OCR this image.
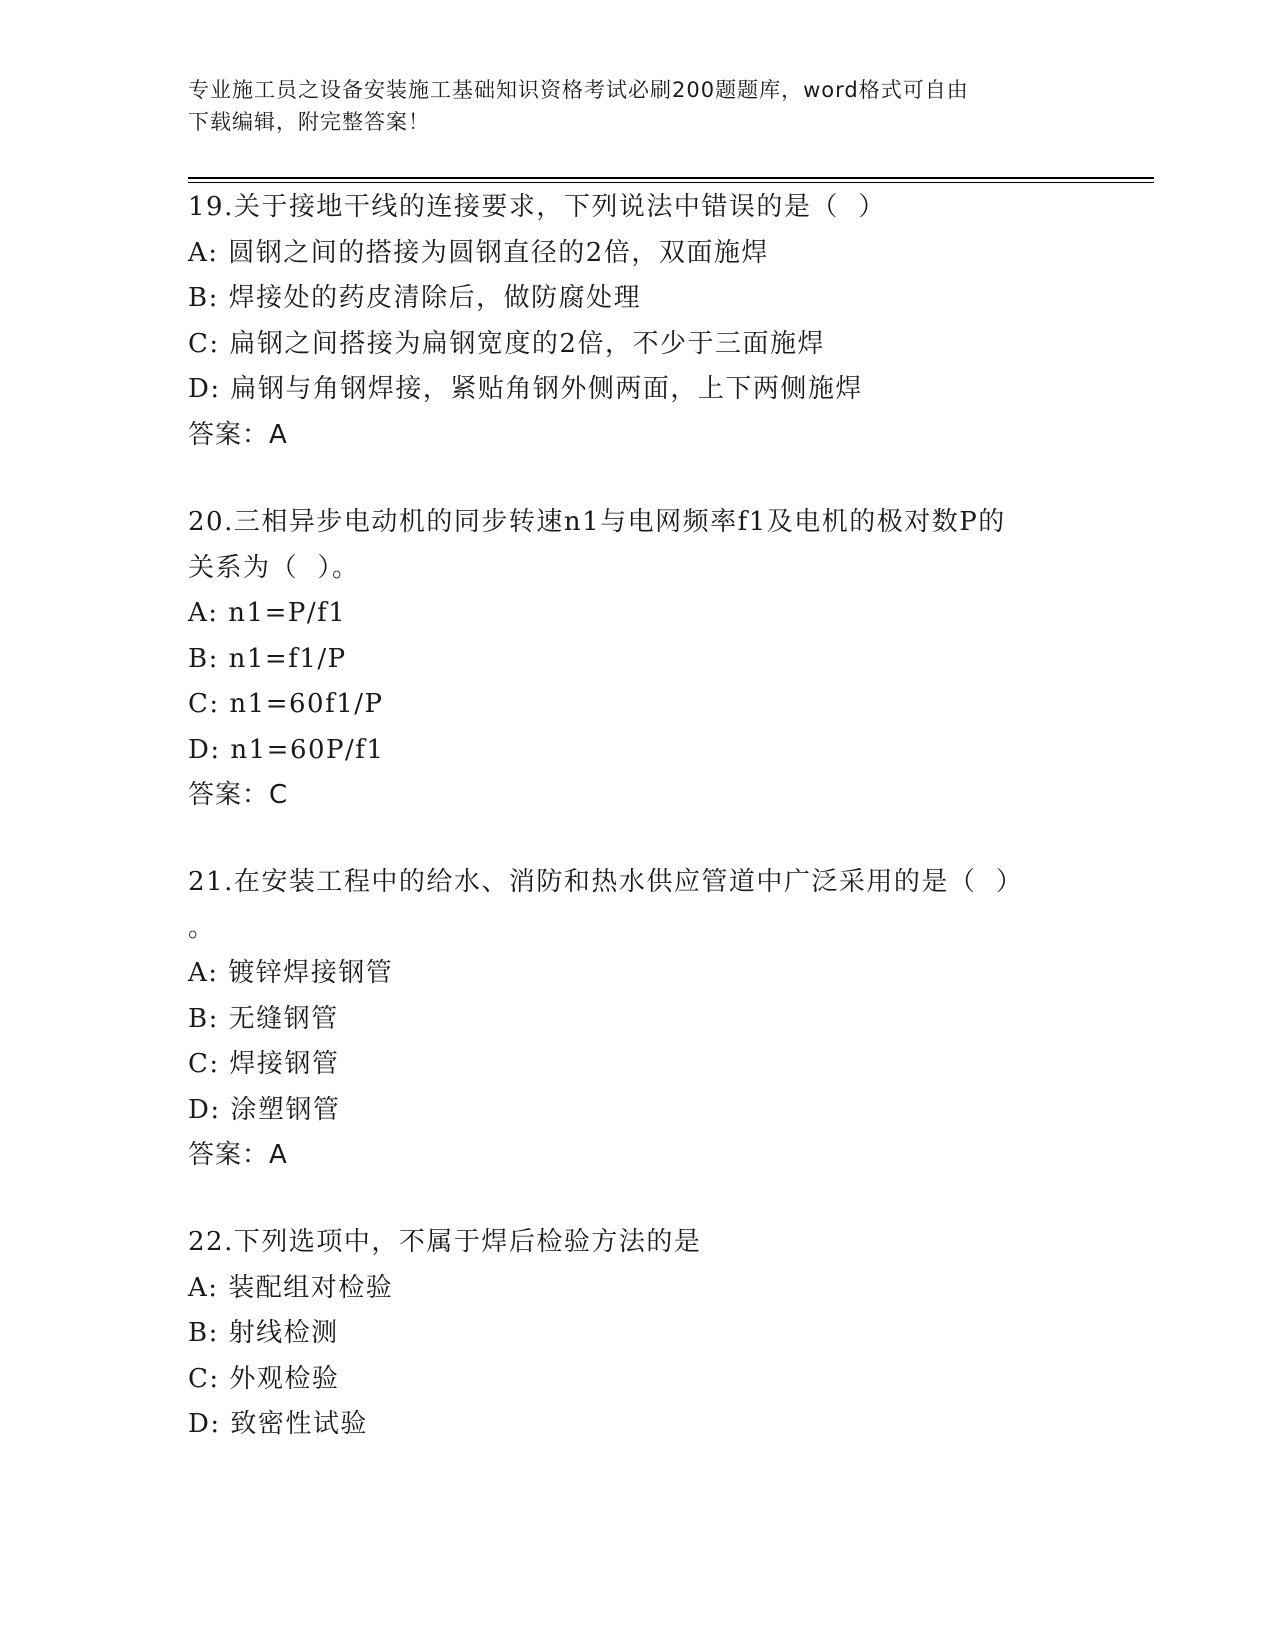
专业施工员之设备安装施工基础知识资格考试必刷200题题库，word格式可自由
下载编辑，附完整答案！
19.关于接地干线的连接要求，下列说法中错误的是（  ）
A: 圆钢之间的搭接为圆钢直径的2倍，双面施焊
B: 焊接处的药皮清除后，做防腐处理
C: 扁钢之间搭接为扁钢宽度的2倍，不少于三面施焊
D: 扁钢与角钢焊接，紧贴角钢外侧两面，上下两侧施焊
答案：A
20.三相异步电动机的同步转速n1与电网频率f1及电机的极对数P的
关系为（  ）。
A: n1=P/f1
B: n1=f1/P
C: n1=60f1/P
D: n1=60P/f1
答案：C
21.在安装工程中的给水、消防和热水供应管道中广泛采用的是（  ）
。
A: 镀锌焊接钢管
B: 无缝钢管
C: 焊接钢管
D: 涂塑钢管
答案：A
22.下列选项中，不属于焊后检验方法的是
A: 装配组对检验
B: 射线检测
C: 外观检验
D: 致密性试验
